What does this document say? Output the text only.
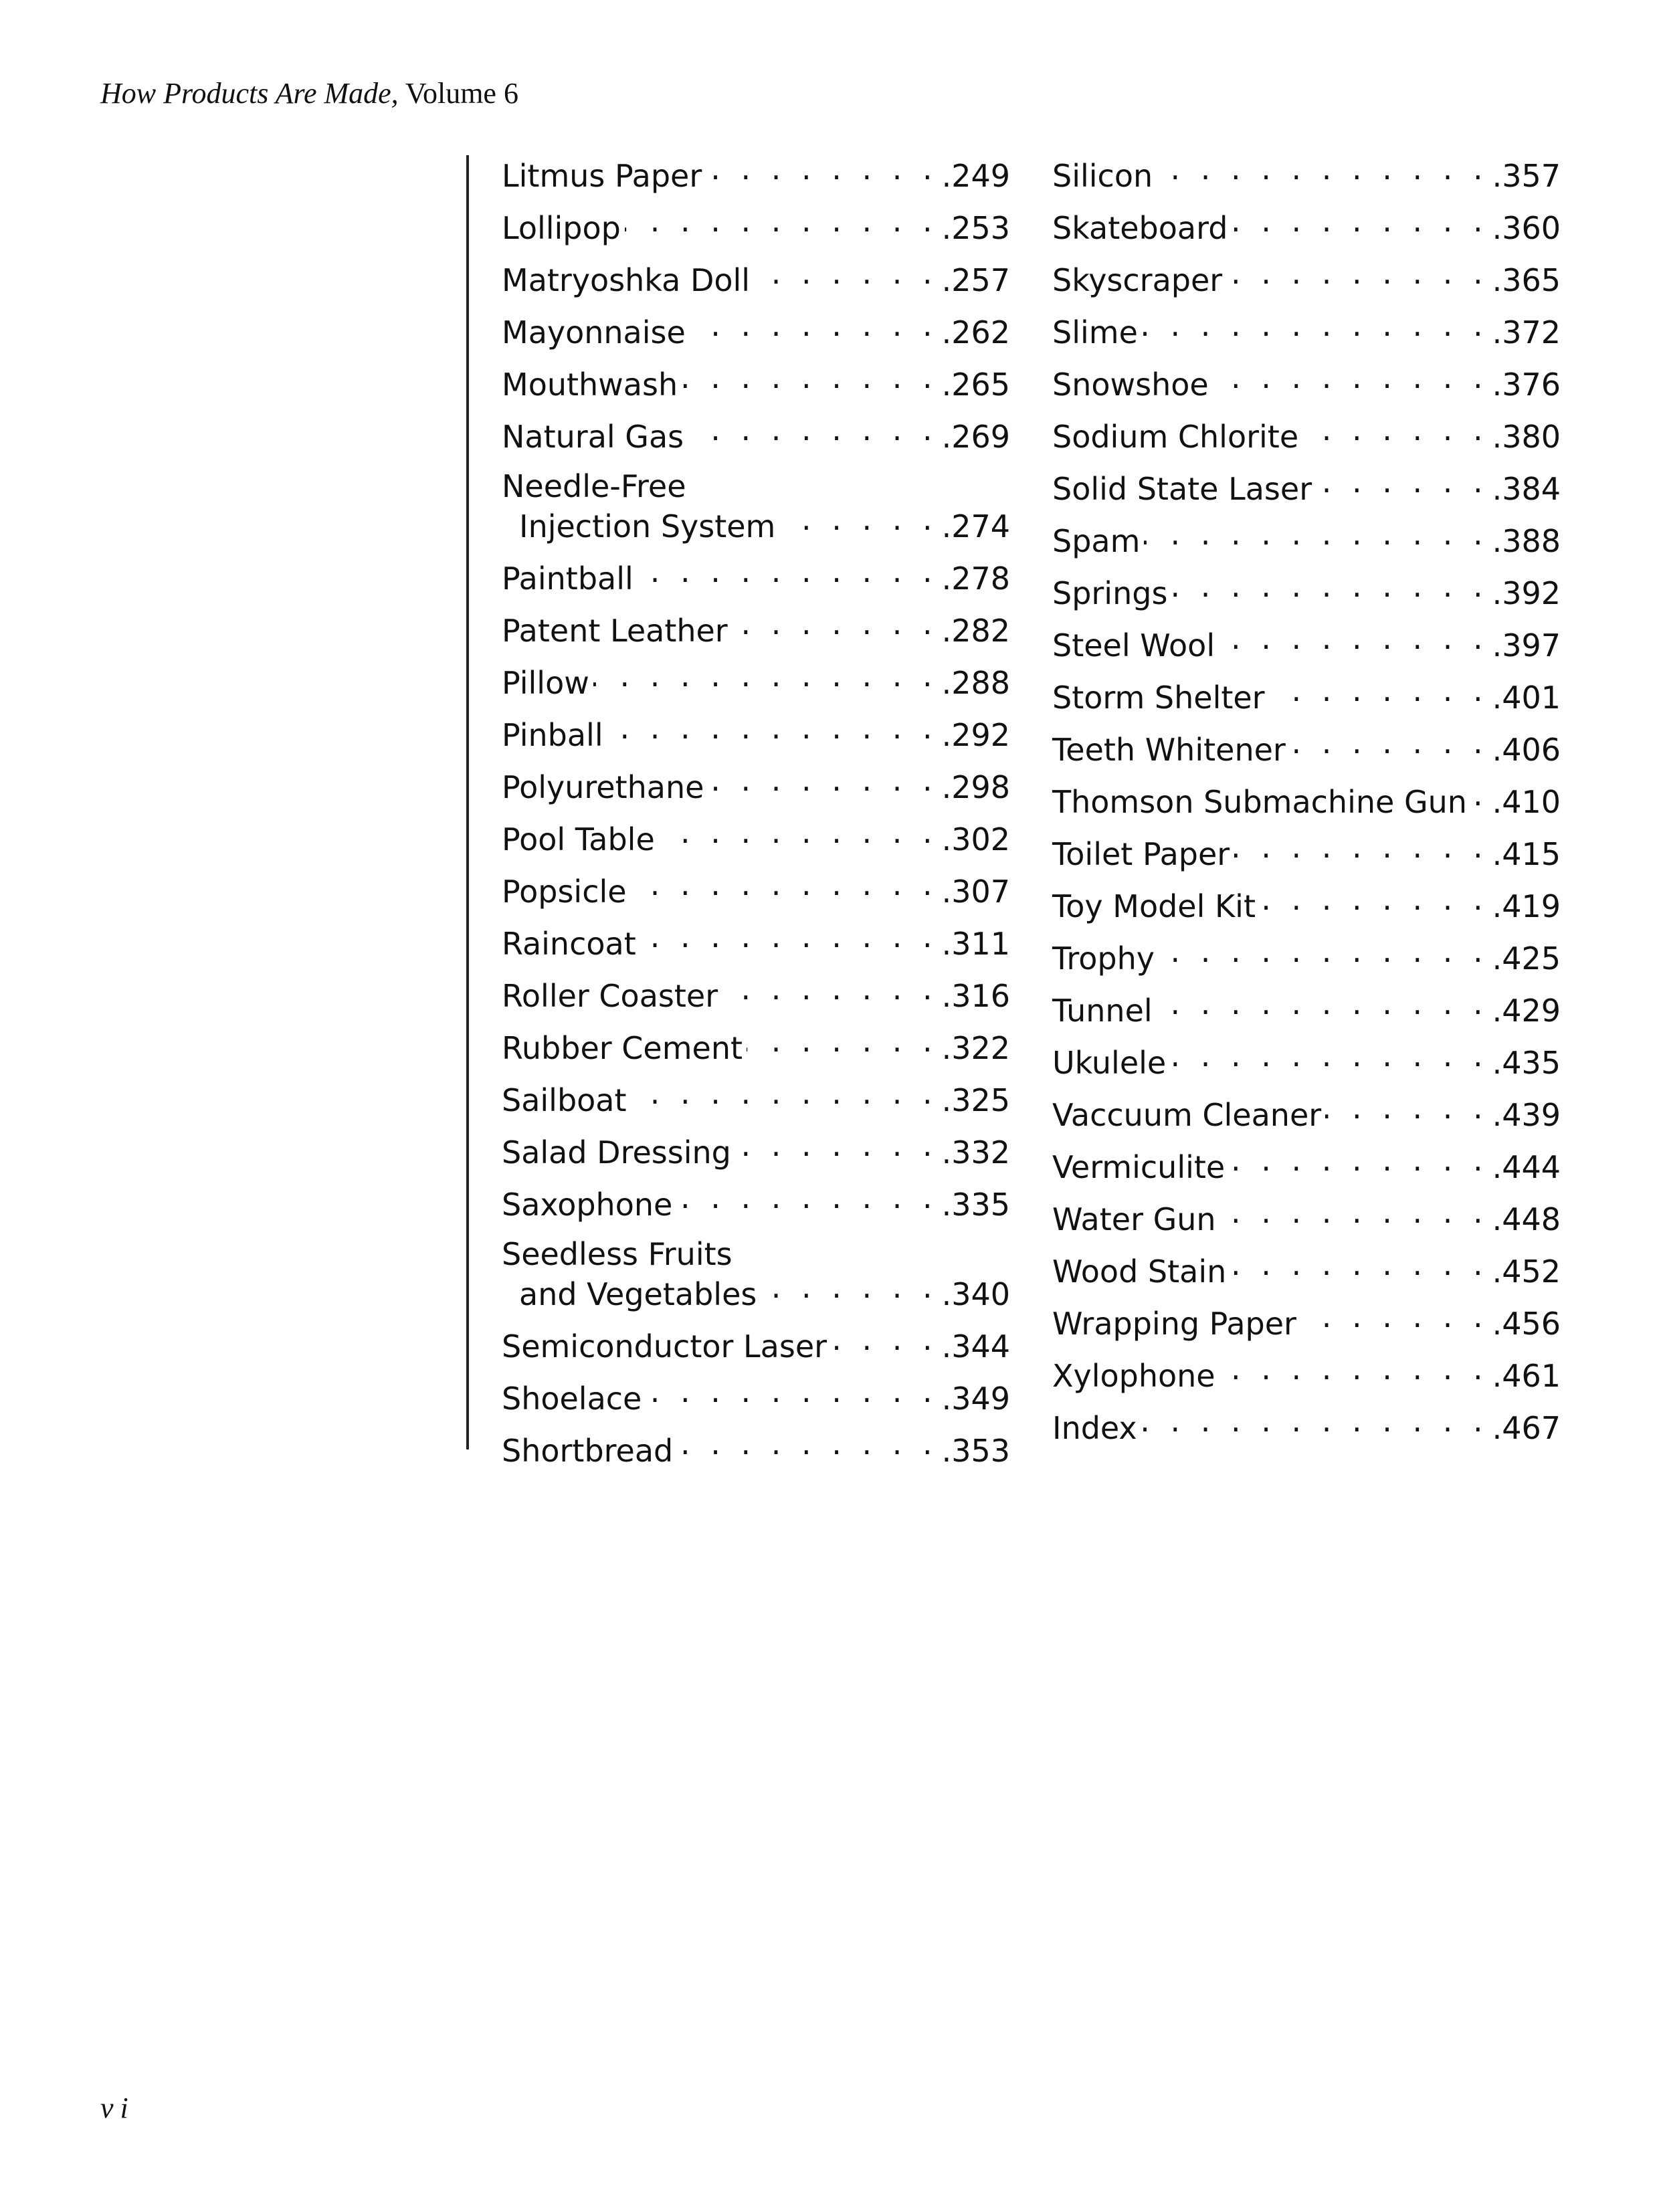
How Products Are Made, Volume 6
Litmus Paper . . .	.249
Lollipop . . .	.253
Matryoshka Doll . . .	.257
Mayonnaise . . .	.262
Mouthwash . . .	.265
Natural Gas . . .	.269
Needle-Free
Injection System . . .	.274
Paintball . . .	.278
Patent Leather . . .	.282
Pillow . . .	.288
Pinball . . .	.292
Polyurethane . . .	.298
Pool Table . . .	.302
Popsicle . . .	.307
Raincoat . . .	.311
Roller Coaster . . .	.316
Rubber Cement . . .	.322
Sailboat . . .	.325
Salad Dressing . . .	.332
Saxophone . . .	.335
Seedless Fruits
and Vegetables . . .	.340
Semiconductor Laser . . .	.344
Shoelace . . .	.349
Shortbread . . .	.353
Silicon . . .	.357
Skateboard . . .	.360
Skyscraper . . .	.365
Slime . . .	.372
Snowshoe . . .	.376
Sodium Chlorite . . .	.380
Solid State Laser . . .	.384
Spam . . .	.388
Springs . . .	.392
Steel Wool . . .	.397
Storm Shelter . . .	.401
Teeth Whitener . . .	.406
Thomson Submachine Gun . . . .410
Toilet Paper . . .	.415
Toy Model Kit . . .	.419
Trophy . . .	.425
Tunnel . . .	.429
Ukulele . . .	.435
Vaccuum Cleaner . . .	.439
Vermiculite . . .	.444
Water Gun . . .	.448
Wood Stain . . .	.452
Wrapping Paper . . .	.456
Xylophone . . .	.461
Index . . .	.467
vi
